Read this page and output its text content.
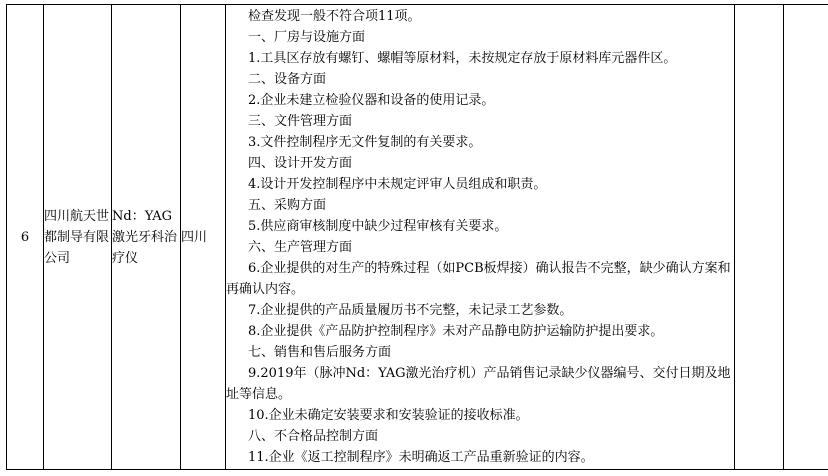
6	四川航天世都制导有限公司	Nd：YAG激光牙科治疗仪	四川	
检查发现一般不符合项11项。
一、厂房与设施方面
1.工具区存放有螺钉、螺帽等原材料，未按规定存放于原材料库元器件区。
二、设备方面
2.企业未建立检验仪器和设备的使用记录。
三、文件管理方面
3.文件控制程序无文件复制的有关要求。
四、设计开发方面
4.设计开发控制程序中未规定评审人员组成和职责。
五、采购方面
5.供应商审核制度中缺少过程审核有关要求。
六、生产管理方面
6.企业提供的对生产的特殊过程（如PCB板焊接）确认报告不完整，缺少确认方案和再确认内容。
7.企业提供的产品质量履历书不完整，未记录工艺参数。
8.企业提供《产品防护控制程序》未对产品静电防护运输防护提出要求。
七、销售和售后服务方面
9.2019年（脉冲Nd：YAG激光治疗机）产品销售记录缺少仪器编号、交付日期及地址等信息。
10.企业未确定安装要求和安装验证的接收标准。
八、不合格品控制方面
11.企业《返工控制程序》未明确返工产品重新验证的内容。
